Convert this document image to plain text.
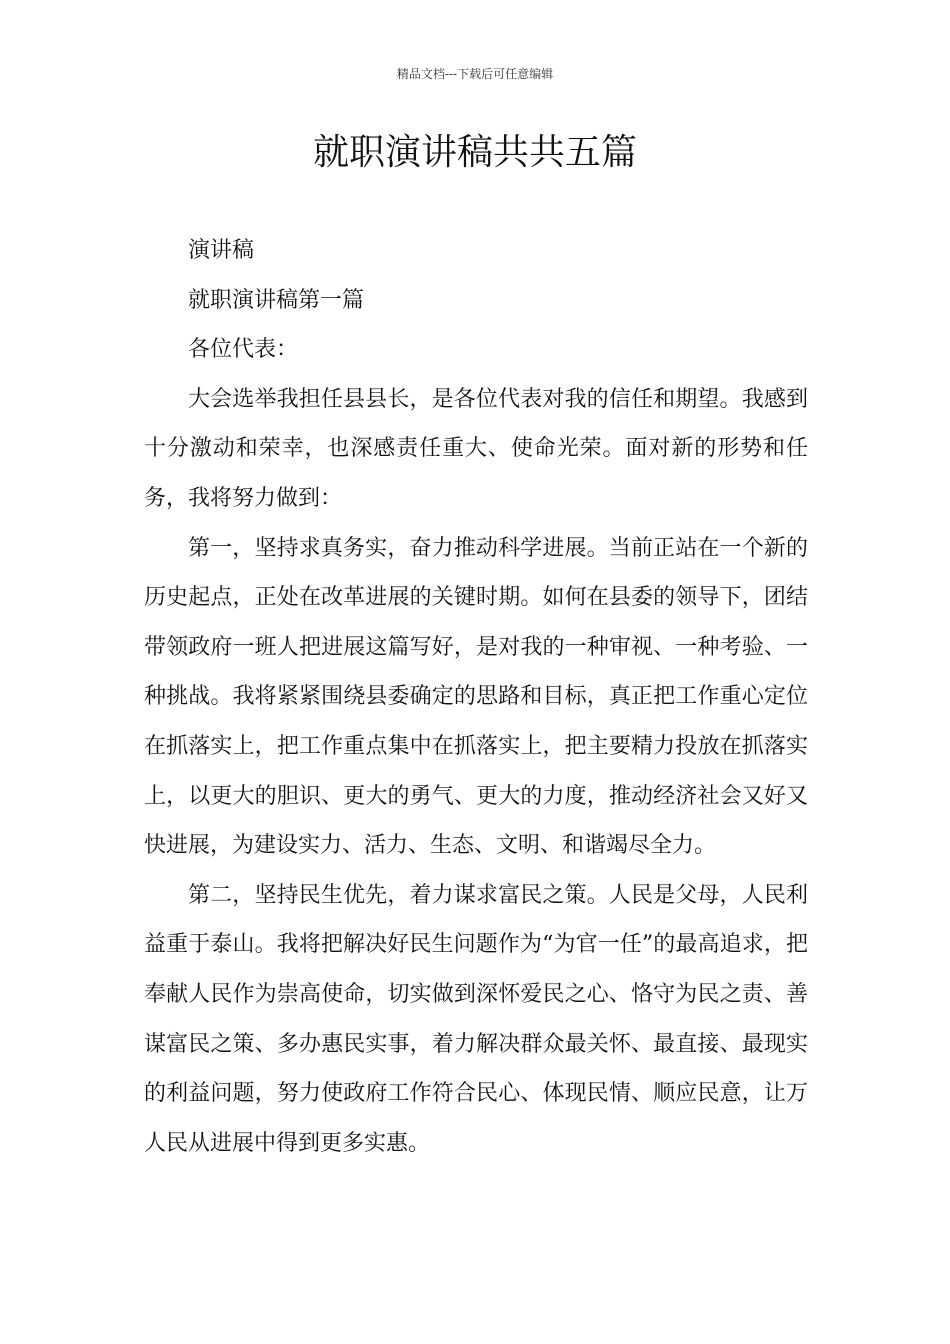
精品文档---下载后可任意编辑
就职演讲稿共共五篇

演讲稿

就职演讲稿第一篇

各位代表：

大会选举我担任县县长，是各位代表对我的信任和期望。我感到十分激动和荣幸，也深感责任重大、使命光荣。面对新的形势和任务，我将努力做到：

第一，坚持求真务实，奋力推动科学进展。当前正站在一个新的历史起点，正处在改革进展的关键时期。如何在县委的领导下，团结带领政府一班人把进展这篇写好，是对我的一种审视、一种考验、一种挑战。我将紧紧围绕县委确定的思路和目标，真正把工作重心定位在抓落实上，把工作重点集中在抓落实上，把主要精力投放在抓落实上，以更大的胆识、更大的勇气、更大的力度，推动经济社会又好又快进展，为建设实力、活力、生态、文明、和谐竭尽全力。

第二，坚持民生优先，着力谋求富民之策。人民是父母，人民利益重于泰山。我将把解决好民生问题作为“为官一任”的最高追求，把奉献人民作为崇高使命，切实做到深怀爱民之心、恪守为民之责、善谋富民之策、多办惠民实事，着力解决群众最关怀、最直接、最现实的利益问题，努力使政府工作符合民心、体现民情、顺应民意，让万人民从进展中得到更多实惠。
